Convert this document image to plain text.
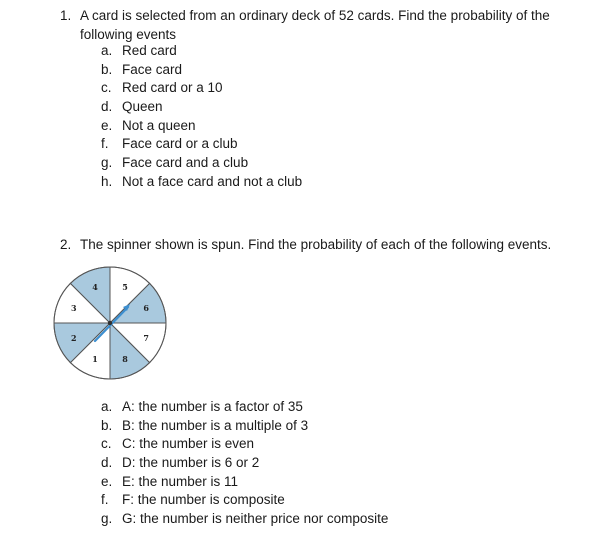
1. A card is selected from an ordinary deck of 52 cards. Find the probability of the following events
a. Red card
b. Face card
c. Red card or a 10
d. Queen
e. Not a queen
f. Face card or a club
g. Face card and a club
h. Not a face card and not a club
2. The spinner shown is spun. Find the probability of each of the following events.
5
6
7
8
1
2
3
4
a. A: the number is a factor of 35
b. B: the number is a multiple of 3
c. C: the number is even
d. D: the number is 6 or 2
e. E: the number is 11
f. F: the number is composite
g. G: the number is neither price nor composite
